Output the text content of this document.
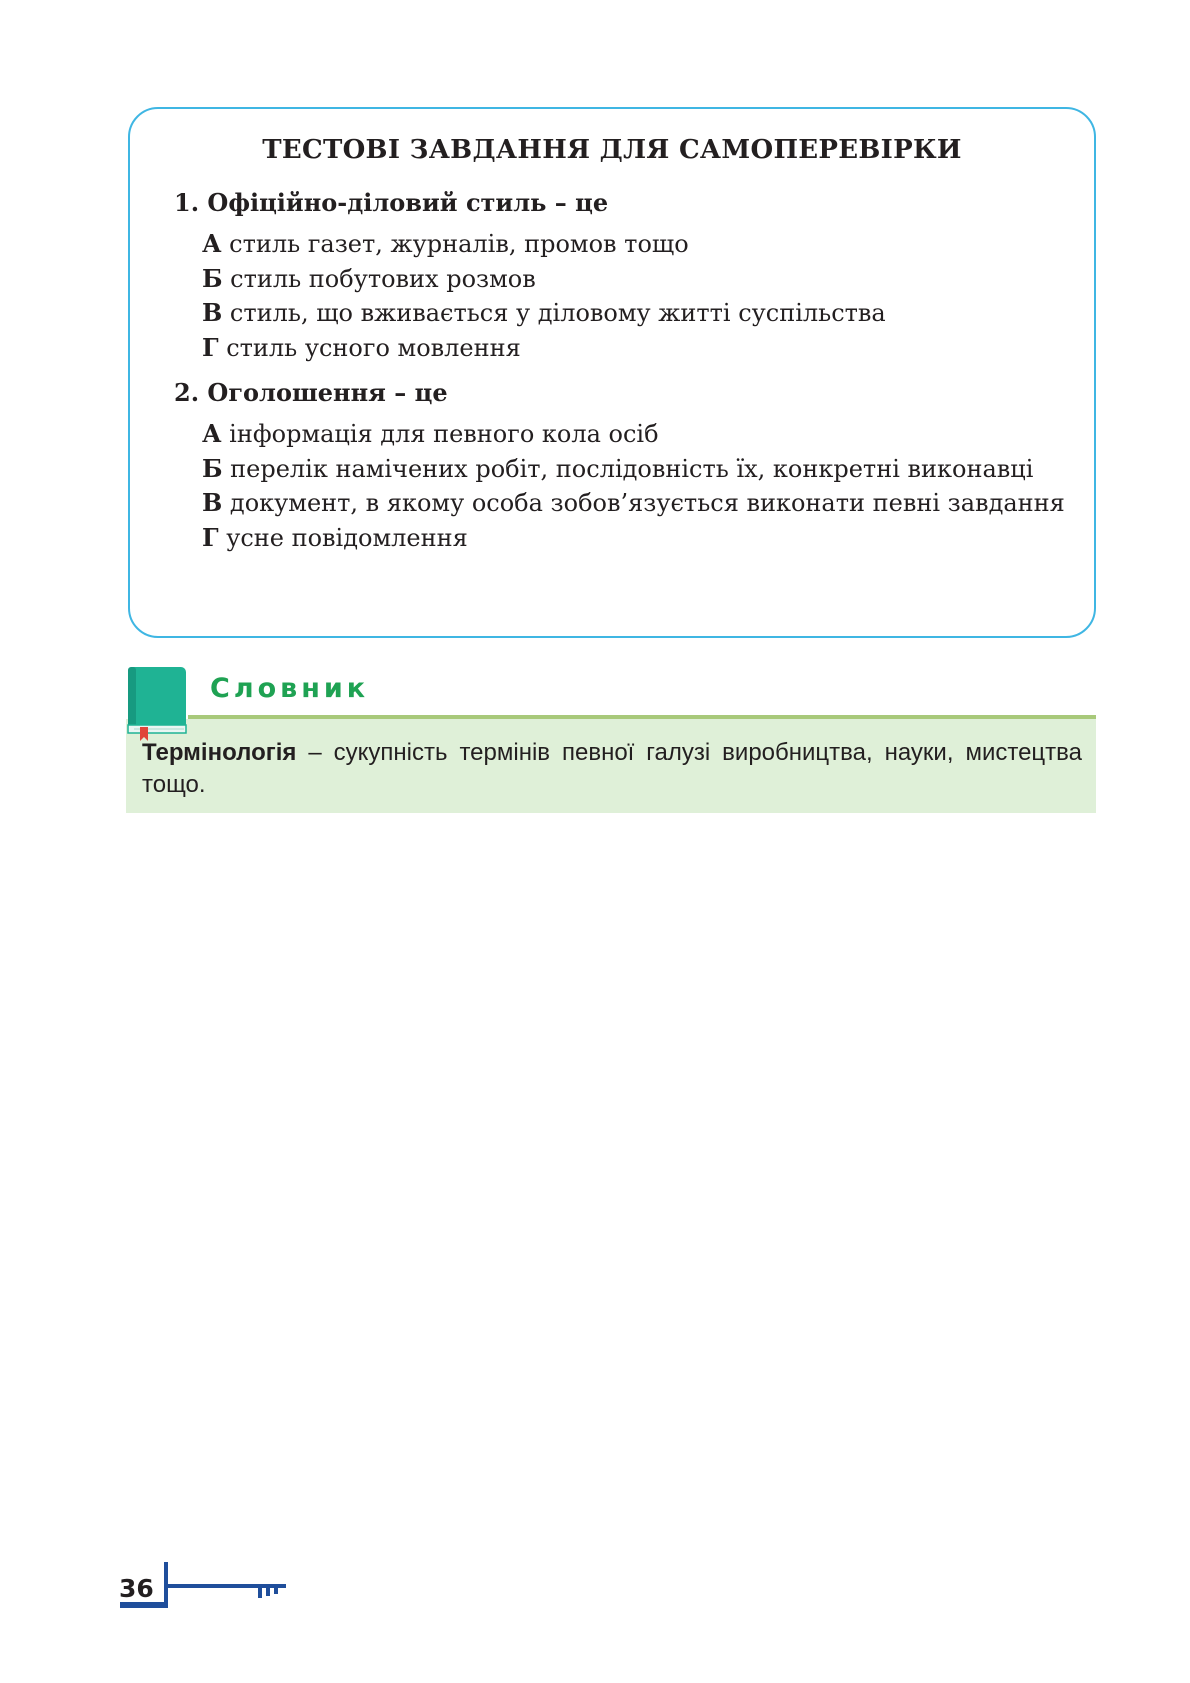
ТЕСТОВІ ЗАВДАННЯ ДЛЯ САМОПЕРЕВІРКИ
1. Офіційно-діловий стиль – це
А стиль газет, журналів, промов тощо
Б стиль побутових розмов
В стиль, що вживається у діловому житті суспільства
Г стиль усного мовлення
2. Оголошення – це
А інформація для певного кола осіб
Б перелік намічених робіт, послідовність їх, конкретні виконавці
В документ, в якому особа зобов’язується виконати певні завдання
Г усне повідомлення
Словник
Термінологія – сукупність термінів певної галузі виробництва, науки, мистецтва тощо.
36
